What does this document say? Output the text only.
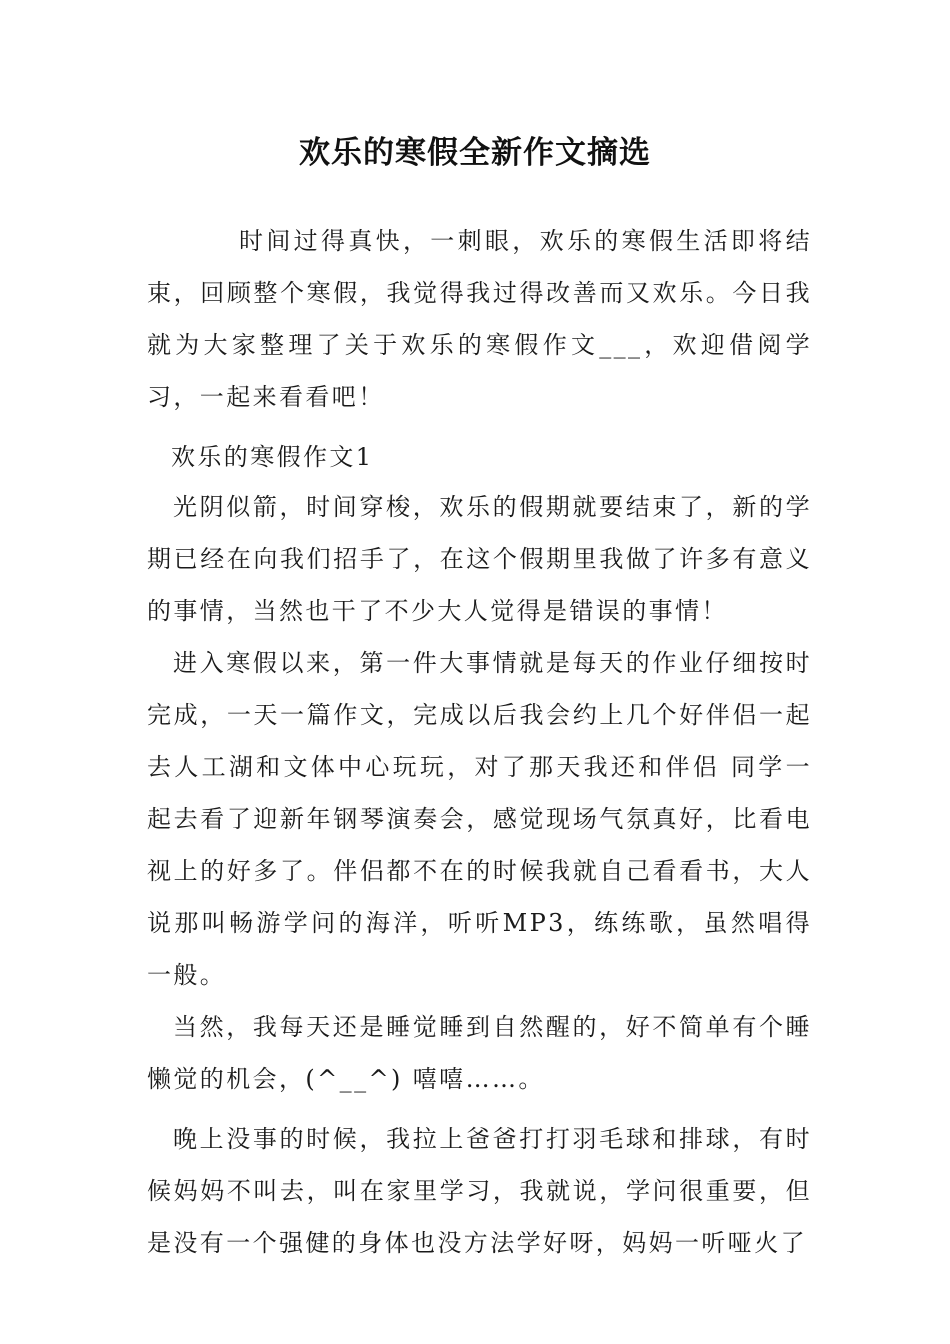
欢乐的寒假全新作文摘选

时间过得真快，一刺眼，欢乐的寒假生活即将结束，回顾整个寒假，我觉得我过得改善而又欢乐。今日我就为大家整理了关于欢乐的寒假作文___，欢迎借阅学习，一起来看看吧！

欢乐的寒假作文1

光阴似箭，时间穿梭，欢乐的假期就要结束了，新的学期已经在向我们招手了，在这个假期里我做了许多有意义的事情，当然也干了不少大人觉得是错误的事情！

进入寒假以来，第一件大事情就是每天的作业仔细按时完成，一天一篇作文，完成以后我会约上几个好伴侣一起去人工湖和文体中心玩玩，对了那天我还和伴侣 同学一起去看了迎新年钢琴演奏会，感觉现场气氛真好，比看电视上的好多了。伴侣都不在的时候我就自己看看书，大人说那叫畅游学问的海洋，听听MP3，练练歌，虽然唱得一般。

当然，我每天还是睡觉睡到自然醒的，好不简单有个睡懒觉的机会，(^__^) 嘻嘻……。

晚上没事的时候，我拉上爸爸打打羽毛球和排球，有时候妈妈不叫去，叫在家里学习，我就说，学问很重要，但是没有一个强健的身体也没方法学好呀，妈妈一听哑火了
